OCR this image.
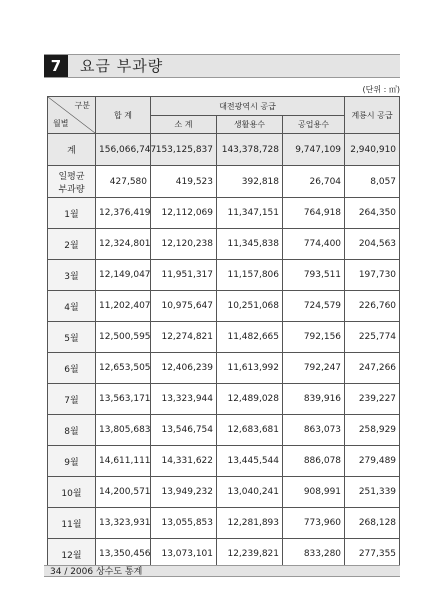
7	요금 부과량
(단위 : ㎥)
구분
월별	합 계	대전광역시 공급			계룡시 공급
		소 계	생활용수	공업용수	
계	156,066,747	153,125,837	143,378,728	9,747,109	2,940,910
일평균
부과량	427,580	419,523	392,818	26,704	8,057
1월	12,376,419	12,112,069	11,347,151	764,918	264,350
2월	12,324,801	12,120,238	11,345,838	774,400	204,563
3월	12,149,047	11,951,317	11,157,806	793,511	197,730
4월	11,202,407	10,975,647	10,251,068	724,579	226,760
5월	12,500,595	12,274,821	11,482,665	792,156	225,774
6월	12,653,505	12,406,239	11,613,992	792,247	247,266
7월	13,563,171	13,323,944	12,489,028	839,916	239,227
8월	13,805,683	13,546,754	12,683,681	863,073	258,929
9월	14,611,111	14,331,622	13,445,544	886,078	279,489
10월	14,200,571	13,949,232	13,040,241	908,991	251,339
11월	13,323,931	13,055,853	12,281,893	773,960	268,128
12월	13,350,456	13,073,101	12,239,821	833,280	277,355
34 / 2006 상수도 통계
